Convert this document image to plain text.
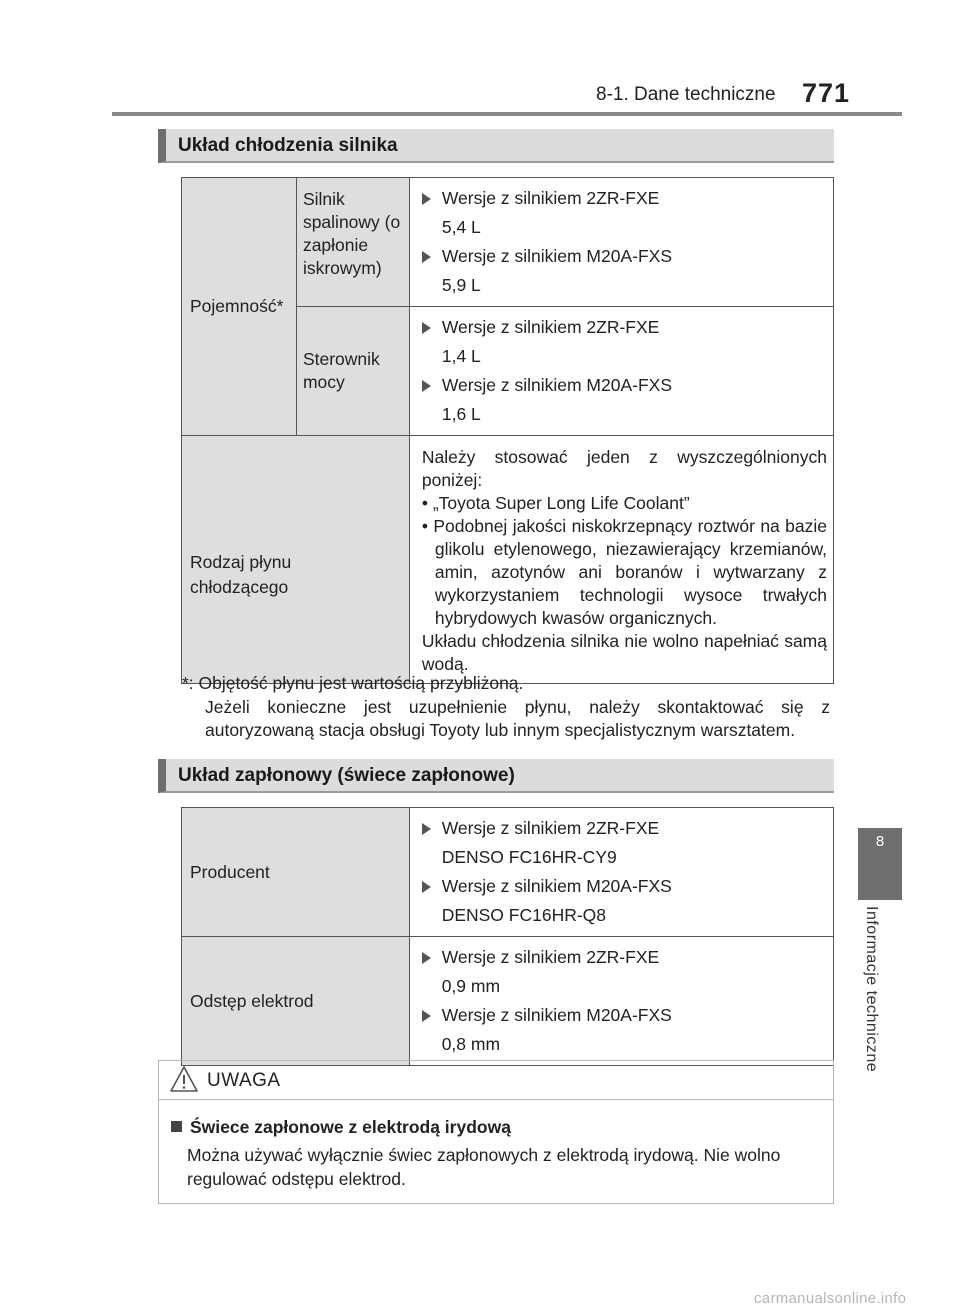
8-1. Dane techniczne 771
8
Informacje techniczne
Układ chłodzenia silnika
Pojemność*	Silnik spalinowy (o zapłonie iskrowym)	Wersje z silnikiem 2ZR-FXE
5,4 L
Wersje z silnikiem M20A-FXS
5,9 L

	Sterownik mocy	Wersje z silnikiem 2ZR-FXE
1,4 L
Wersje z silnikiem M20A-FXS
1,6 L

Rodzaj płynu chłodzącego		Należy stosować jeden z wyszczególnionych poniżej:
• „Toyota Super Long Life Coolant”
• Podobnej jakości niskokrzepnący roztwór na bazie glikolu etylenowego, niezawierający krzemianów, amin, azotynów ani boranów i wytwarzany z wykorzystaniem technologii wysoce trwałych hybrydowych kwasów organicznych.
Układu chłodzenia silnika nie wolno napełniać samą wodą.
*: Objętość płynu jest wartością przybliżoną.
Jeżeli konieczne jest uzupełnienie płynu, należy skontaktować się z autoryzowaną stacja obsługi Toyoty lub innym specjalistycznym warsztatem.
Układ zapłonowy (świece zapłonowe)
Producent	Wersje z silnikiem 2ZR-FXE
DENSO FC16HR-CY9
Wersje z silnikiem M20A-FXS
DENSO FC16HR-Q8

Odstęp elektrod	Wersje z silnikiem 2ZR-FXE
0,9 mm
Wersje z silnikiem M20A-FXS
0,8 mm
UWAGA
Świece zapłonowe z elektrodą irydową
Można używać wyłącznie świec zapłonowych z elektrodą irydową. Nie wolno regulować odstępu elektrod.
carmanualsonline.info
